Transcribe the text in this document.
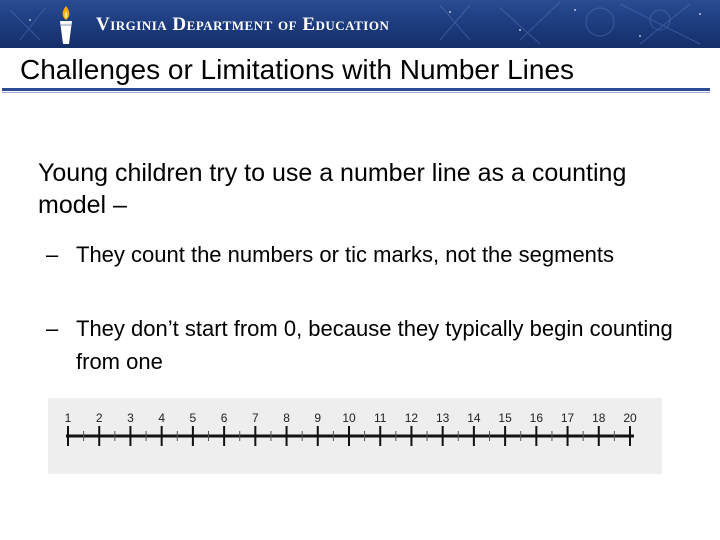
Virginia Department of Education
Challenges or Limitations with Number Lines
Young children try to use a number line as a counting model –
– They count the numbers or tic marks, not the segments
– They don’t start from 0, because they typically begin counting from one
1 2 3 4 5 6 7 8 9 10 11 12 13 14 15 16 17 18 20
